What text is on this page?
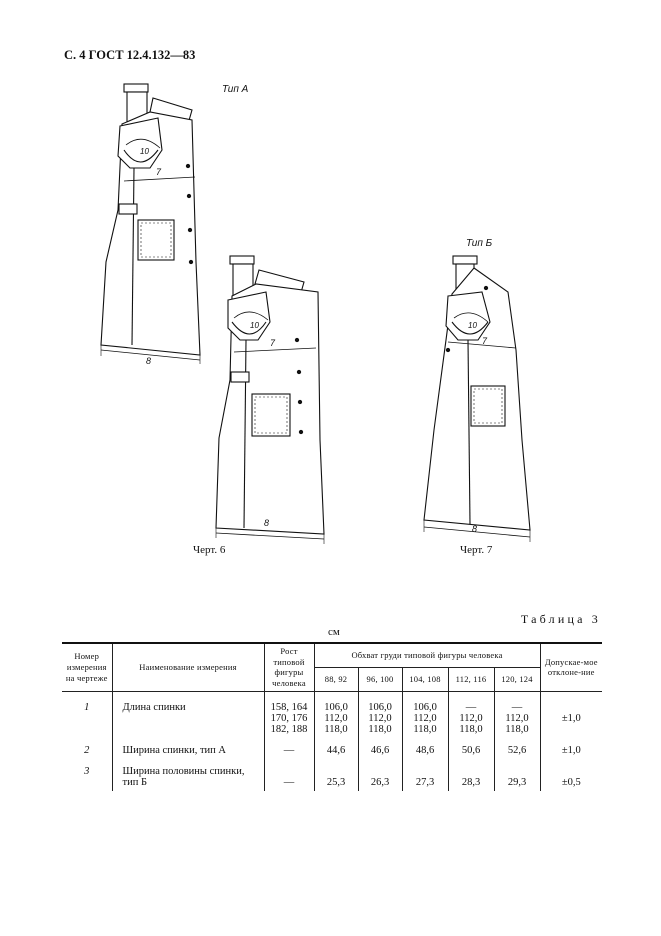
С. 4 ГОСТ 12.4.132—83
Тип А
10
7
8
10
7
8
Тип Б
10
7
8
Черт. 6	Черт. 7
Таблица 3
см
Номер измерения на чертеже	Наименование измерения	Рост типовой фигуры человека	Обхват груди типовой фигуры человека					Допускае-мое отклоне-ние
			88, 92	96, 100	104, 108	112, 116	120, 124	
1	Длина спинки	158, 164
170, 176
182, 188	106,0
112,0
118,0	106,0
112,0
118,0	106,0
112,0
118,0	—
112,0
118,0	—
112,0
118,0	±1,0
2	Ширина спинки, тип А	—	44,6	46,6	48,6	50,6	52,6	±1,0
3	Ширина половины спинки, тип Б	—	25,3	26,3	27,3	28,3	29,3	±0,5
